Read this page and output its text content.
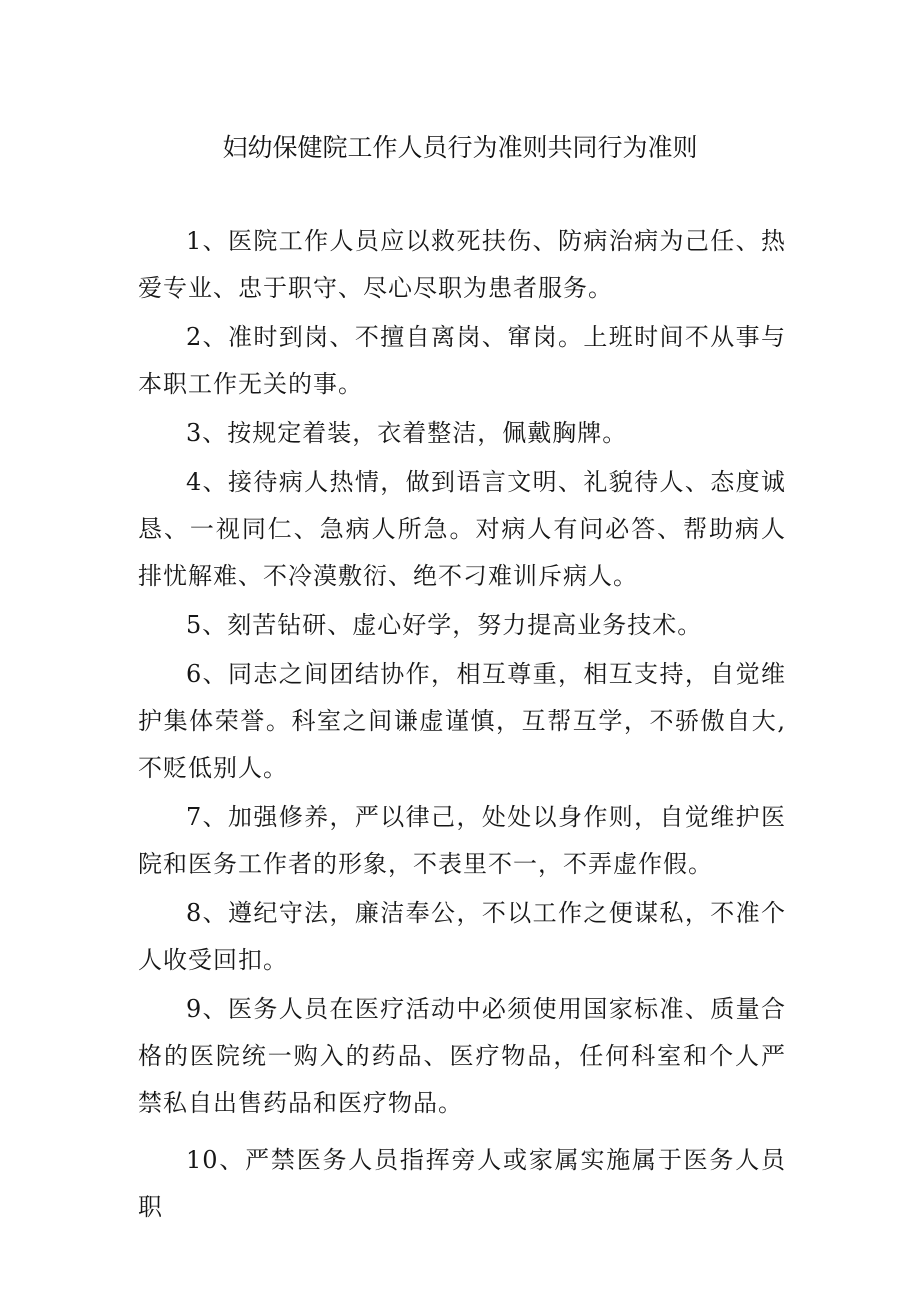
妇幼保健院工作人员行为准则共同行为准则

1、医院工作人员应以救死扶伤、防病治病为己任、热爱专业、忠于职守、尽心尽职为患者服务。

2、准时到岗、不擅自离岗、窜岗。上班时间不从事与本职工作无关的事。

3、按规定着装，衣着整洁，佩戴胸牌。

4、接待病人热情，做到语言文明、礼貌待人、态度诚恳、一视同仁、急病人所急。对病人有问必答、帮助病人排忧解难、不冷漠敷衍、绝不刁难训斥病人。

5、刻苦钻研、虚心好学，努力提高业务技术。

6、同志之间团结协作，相互尊重，相互支持，自觉维护集体荣誉。科室之间谦虚谨慎，互帮互学，不骄傲自大,不贬低别人。

7、加强修养，严以律己，处处以身作则，自觉维护医院和医务工作者的形象，不表里不一，不弄虚作假。

8、遵纪守法，廉洁奉公，不以工作之便谋私，不准个人收受回扣。

9、医务人员在医疗活动中必须使用国家标准、质量合格的医院统一购入的药品、医疗物品，任何科室和个人严禁私自出售药品和医疗物品。

10、严禁医务人员指挥旁人或家属实施属于医务人员职
